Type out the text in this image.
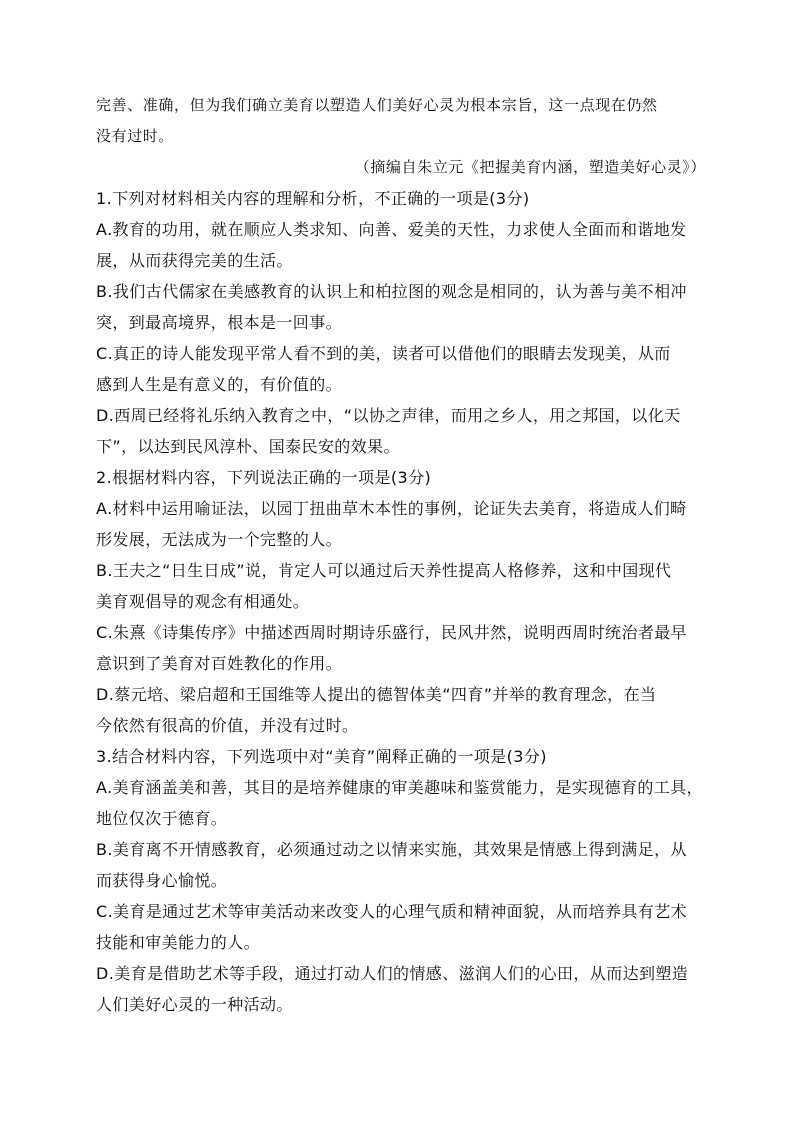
完善、准确，但为我们确立美育以塑造人们美好心灵为根本宗旨，这一点现在仍然
没有过时。
（摘编自朱立元《把握美育内涵，塑造美好心灵》）
1.下列对材料相关内容的理解和分析，不正确的一项是(3分)
A.教育的功用，就在顺应人类求知、向善、爱美的天性，力求使人全面而和谐地发
展，从而获得完美的生活。
B.我们古代儒家在美感教育的认识上和柏拉图的观念是相同的，认为善与美不相冲
突，到最高境界，根本是一回事。
C.真正的诗人能发现平常人看不到的美，读者可以借他们的眼睛去发现美，从而
感到人生是有意义的，有价值的。
D.西周已经将礼乐纳入教育之中，“以协之声律，而用之乡人，用之邦国，以化天
下”，以达到民风淳朴、国泰民安的效果。
2.根据材料内容，下列说法正确的一项是(3分)
A.材料中运用喻证法，以园丁扭曲草木本性的事例，论证失去美育，将造成人们畸
形发展，无法成为一个完整的人。
B.王夫之“日生日成”说，肯定人可以通过后天养性提高人格修养，这和中国现代
美育观倡导的观念有相通处。
C.朱熹《诗集传序》中描述西周时期诗乐盛行，民风井然，说明西周时统治者最早
意识到了美育对百姓教化的作用。
D.蔡元培、梁启超和王国维等人提出的德智体美“四育”并举的教育理念，在当
今依然有很高的价值，并没有过时。
3.结合材料内容，下列选项中对“美育”阐释正确的一项是(3分)
A.美育涵盖美和善，其目的是培养健康的审美趣味和鉴赏能力，是实现德育的工具，
地位仅次于德育。
B.美育离不开情感教育，必须通过动之以情来实施，其效果是情感上得到满足，从
而获得身心愉悦。
C.美育是通过艺术等审美活动来改变人的心理气质和精神面貌，从而培养具有艺术
技能和审美能力的人。
D.美育是借助艺术等手段，通过打动人们的情感、滋润人们的心田，从而达到塑造
人们美好心灵的一种活动。
